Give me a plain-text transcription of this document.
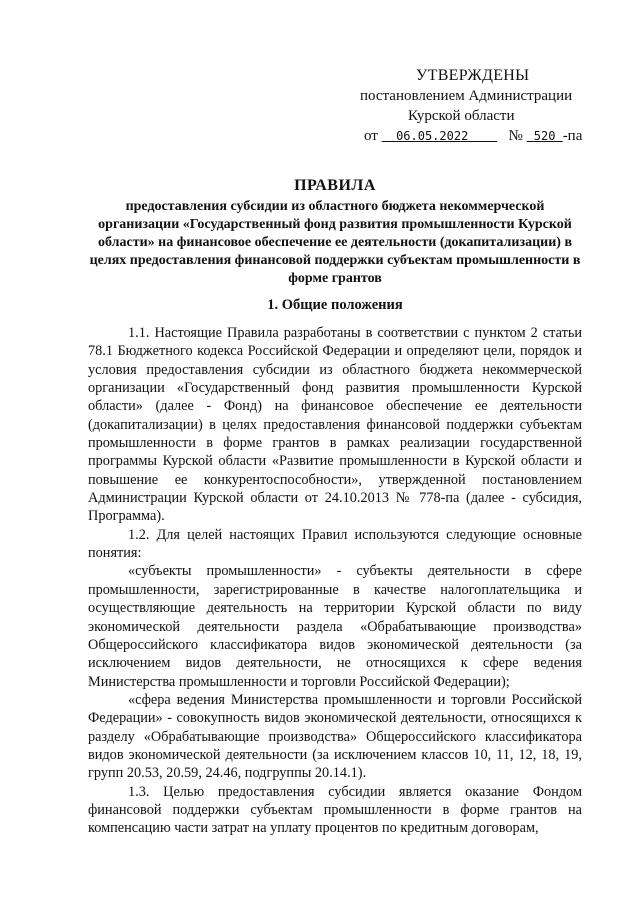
УТВЕРЖДЕНЫ
постановлением Администрации
Курской области
от 06.05.2022	№ 520 -па
ПРАВИЛА
предоставления субсидии из областного бюджета некоммерческой организации «Государственный фонд развития промышленности Курской области» на финансовое обеспечение ее деятельности (докапитализации) в целях предоставления финансовой поддержки субъектам промышленности в форме грантов
1. Общие положения

1.1. Настоящие Правила разработаны в соответствии с пунктом 2 статьи 78.1 Бюджетного кодекса Российской Федерации и определяют цели, порядок и условия предоставления субсидии из областного бюджета некоммерческой организации «Государственный фонд развития промышленности Курской области» (далее - Фонд) на финансовое обеспечение ее деятельности (докапитализации) в целях предоставления финансовой поддержки субъектам промышленности в форме грантов в рамках реализации государственной программы Курской области «Развитие промышленности в Курской области и повышение ее конкурентоспособности», утвержденной постановлением Администрации Курской области от 24.10.2013 № 778-па (далее - субсидия, Программа).

1.2. Для целей настоящих Правил используются следующие основные понятия:

«субъекты промышленности» - субъекты деятельности в сфере промышленности, зарегистрированные в качестве налогоплательщика и осуществляющие деятельность на территории Курской области по виду экономической деятельности раздела «Обрабатывающие производства» Общероссийского классификатора видов экономической деятельности (за исключением видов деятельности, не относящихся к сфере ведения Министерства промышленности и торговли Российской Федерации);

«сфера ведения Министерства промышленности и торговли Российской Федерации» - совокупность видов экономической деятельности, относящихся к разделу «Обрабатывающие производства» Общероссийского классификатора видов экономической деятельности (за исключением классов 10, 11, 12, 18, 19, групп 20.53, 20.59, 24.46, подгруппы 20.14.1).

1.3. Целью предоставления субсидии является оказание Фондом финансовой поддержки субъектам промышленности в форме грантов на компенсацию части затрат на уплату процентов по кредитным договорам,
